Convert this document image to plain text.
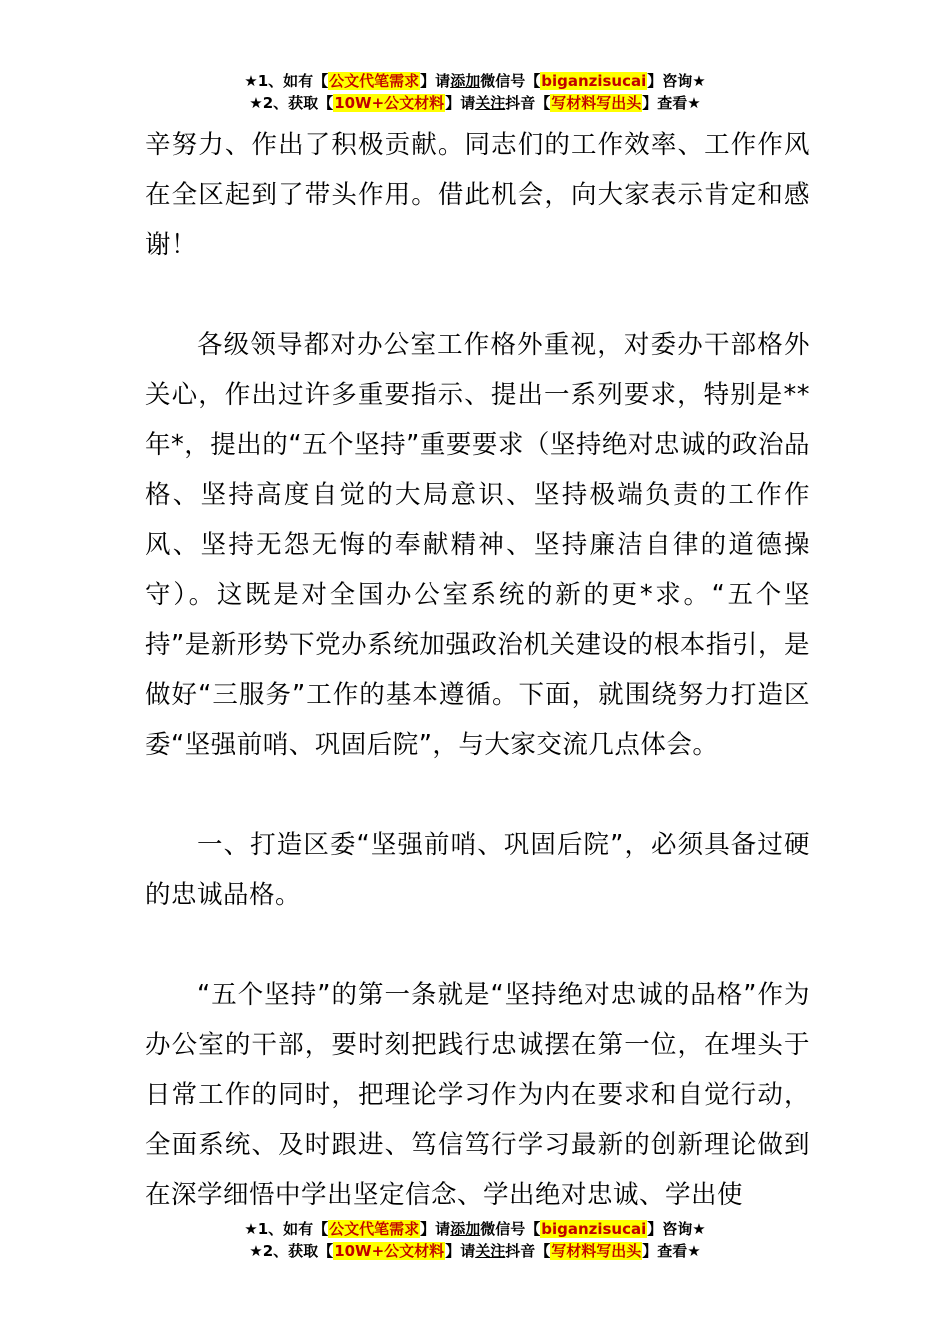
★1、如有【公文代笔需求】请添加微信号【biganzisucai】咨询★
★2、获取【10W+公文材料】请关注抖音【写材料写出头】查看★

辛努力、作出了积极贡献。同志们的工作效率、工作作风在全区起到了带头作用。借此机会，向大家表示肯定和感谢！

各级领导都对办公室工作格外重视，对委办干部格外关心，作出过许多重要指示、提出一系列要求，特别是**年*，提出的“五个坚持”重要要求（坚持绝对忠诚的政治品格、坚持高度自觉的大局意识、坚持极端负责的工作作风、坚持无怨无悔的奉献精神、坚持廉洁自律的道德操守）。这既是对全国办公室系统的新的更*求。“五个坚持”是新形势下党办系统加强政治机关建设的根本指引，是做好“三服务”工作的基本遵循。下面，就围绕努力打造区委“坚强前哨、巩固后院”，与大家交流几点体会。

一、打造区委“坚强前哨、巩固后院”，必须具备过硬的忠诚品格。

“五个坚持”的第一条就是“坚持绝对忠诚的品格”作为办公室的干部，要时刻把践行忠诚摆在第一位，在埋头于日常工作的同时，把理论学习作为内在要求和自觉行动，全面系统、及时跟进、笃信笃行学习最新的创新理论做到在深学细悟中学出坚定信念、学出绝对忠诚、学出使

★1、如有【公文代笔需求】请添加微信号【biganzisucai】咨询★
★2、获取【10W+公文材料】请关注抖音【写材料写出头】查看★
